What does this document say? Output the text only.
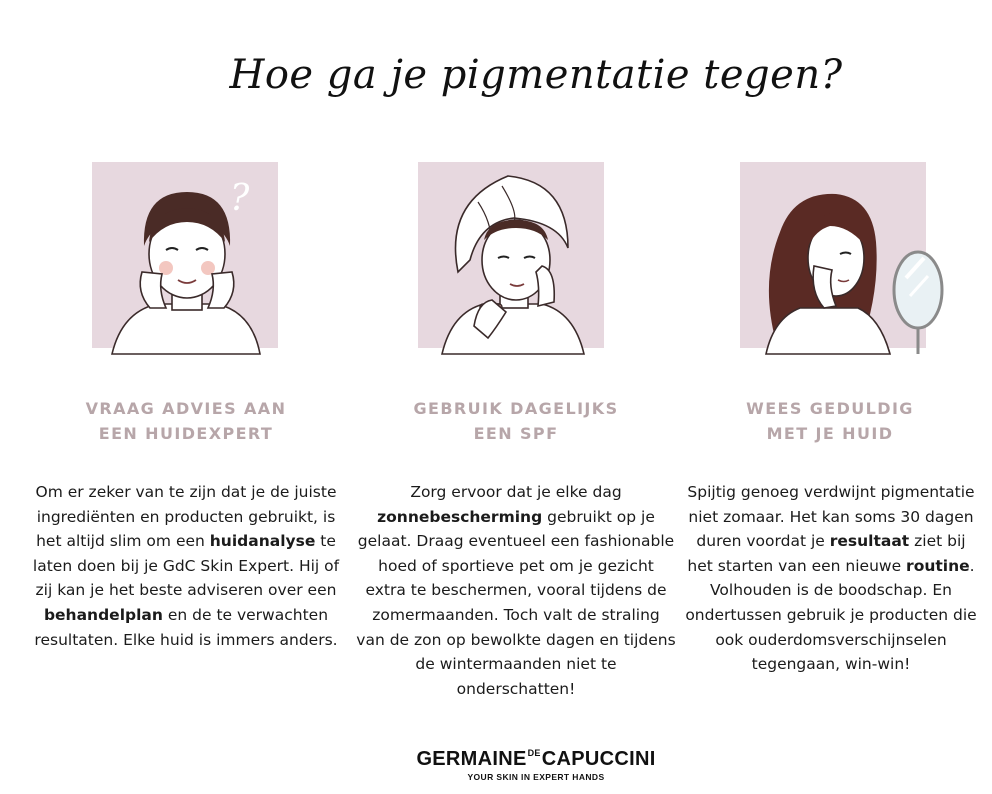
Hoe ga je pigmentatie tegen?
?
VRAAG ADVIES AAN
EEN HUIDEXPERT
Om er zeker van te zijn dat je de juiste ingrediënten en producten gebruikt, is het altijd slim om een huidanalyse te laten doen bij je GdC Skin Expert. Hij of zij kan je het beste adviseren over een behandelplan en de te verwachten resultaten. Elke huid is immers anders.
GEBRUIK DAGELIJKS
EEN SPF
Zorg ervoor dat je elke dag zonnebescherming gebruikt op je gelaat. Draag eventueel een fashionable hoed of sportieve pet om je gezicht extra te beschermen, vooral tijdens de zomermaanden. Toch valt de straling van de zon op bewolkte dagen en tijdens de wintermaanden niet te onderschatten!
WEES GEDULDIG
MET JE HUID
Spijtig genoeg verdwijnt pigmentatie niet zomaar. Het kan soms 30 dagen duren voordat je resultaat ziet bij het starten van een nieuwe routine. Volhouden is de boodschap. En ondertussen gebruik je producten die ook ouderdomsverschijnselen tegengaan, win-win!
$GERMAINE^{DE}CAPUCCINI$
YOUR SKIN IN EXPERT HANDS
